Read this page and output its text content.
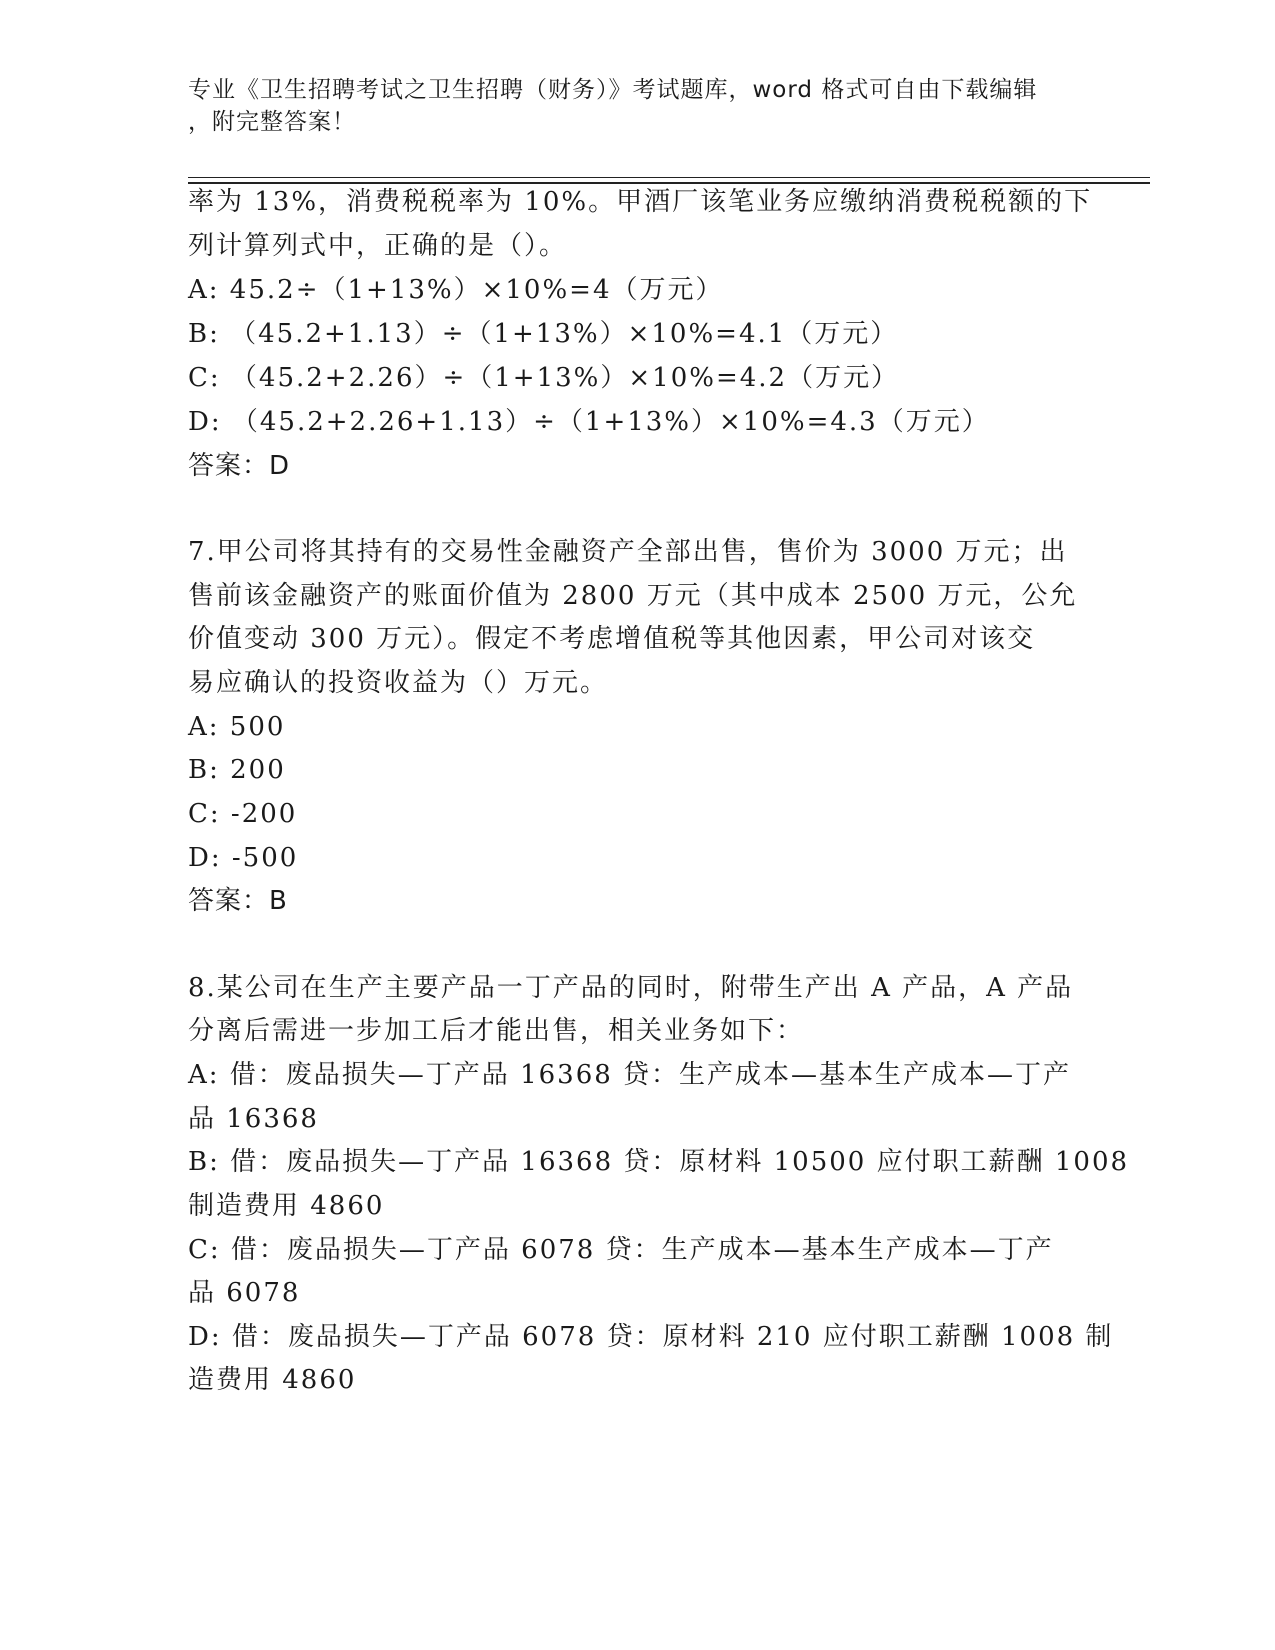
专业《卫生招聘考试之卫生招聘（财务）》考试题库，word 格式可自由下载编辑
，附完整答案！
率为 13%，消费税税率为 10%。甲酒厂该笔业务应缴纳消费税税额的下
列计算列式中，正确的是（）。
A: 45.2÷（1+13%）×10%=4（万元）
B: （45.2+1.13）÷（1+13%）×10%=4.1（万元）
C: （45.2+2.26）÷（1+13%）×10%=4.2（万元）
D: （45.2+2.26+1.13）÷（1+13%）×10%=4.3（万元）
答案：D
7.甲公司将其持有的交易性金融资产全部出售，售价为 3000 万元；出
售前该金融资产的账面价值为 2800 万元（其中成本 2500 万元，公允
价值变动 300 万元）。假定不考虑增值税等其他因素，甲公司对该交
易应确认的投资收益为（）万元。
A: 500
B: 200
C: -200
D: -500
答案：B
8.某公司在生产主要产品一丁产品的同时，附带生产出 A 产品，A 产品
分离后需进一步加工后才能出售，相关业务如下：
A: 借：废品损失—丁产品 16368 贷：生产成本—基本生产成本—丁产
品 16368
B: 借：废品损失—丁产品 16368 贷：原材料 10500 应付职工薪酬 1008
制造费用 4860
C: 借：废品损失—丁产品 6078 贷：生产成本—基本生产成本—丁产
品 6078
D: 借：废品损失—丁产品 6078 贷：原材料 210 应付职工薪酬 1008 制
造费用 4860
